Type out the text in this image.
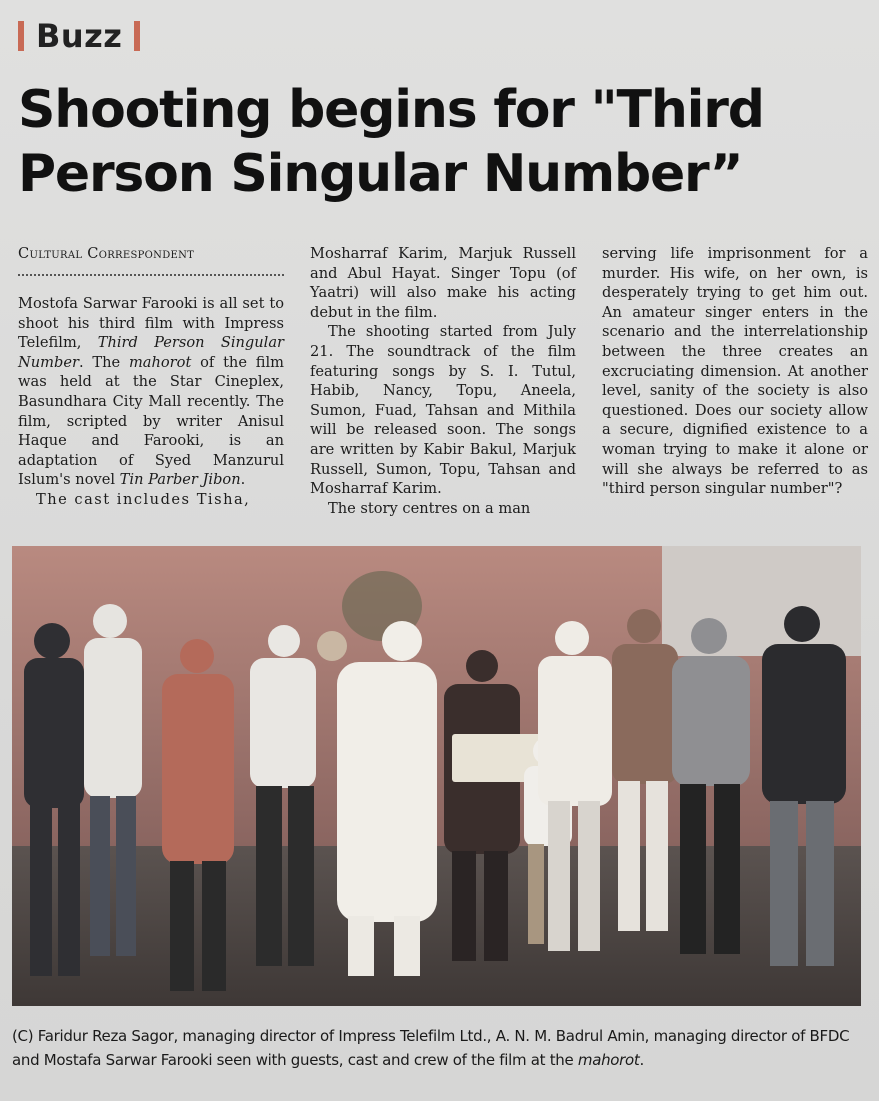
Buzz
Shooting begins for "Third
Person Singular Number”
Cultural Correspondent

Mostofa Sarwar Farooki is all set to shoot his third film with Impress Telefilm, Third Person Singular Number. The mahorot of the film was held at the Star Cineplex, Basundhara City Mall recently. The film, scripted by writer Anisul Haque and Farooki, is an adaptation of Syed Manzurul Islum's novel Tin Parber Jibon.

The cast includes Tisha,

Mosharraf Karim, Marjuk Russell and Abul Hayat. Singer Topu (of Yaatri) will also make his acting debut in the film.

The shooting started from July 21. The soundtrack of the film featuring songs by S. I. Tutul, Habib, Nancy, Topu, Aneela, Sumon, Fuad, Tahsan and Mithila will be released soon. The songs are written by Kabir Bakul, Marjuk Russell, Sumon, Topu, Tahsan and Mosharraf Karim.

The story centres on a man

serving life imprisonment for a murder. His wife, on her own, is desperately trying to get him out. An amateur singer enters in the scenario and the interrelationship between the three creates an excruciating dimension. At another level, sanity of the society is also questioned. Does our society allow a secure, dignified existence to a woman trying to make it alone or will she always be referred to as "third person singular number"?

(C) Faridur Reza Sagor, managing director of Impress Telefilm Ltd., A. N. M. Badrul Amin, managing director of BFDC and Mostafa Sarwar Farooki seen with guests, cast and crew of the film at the mahorot.
